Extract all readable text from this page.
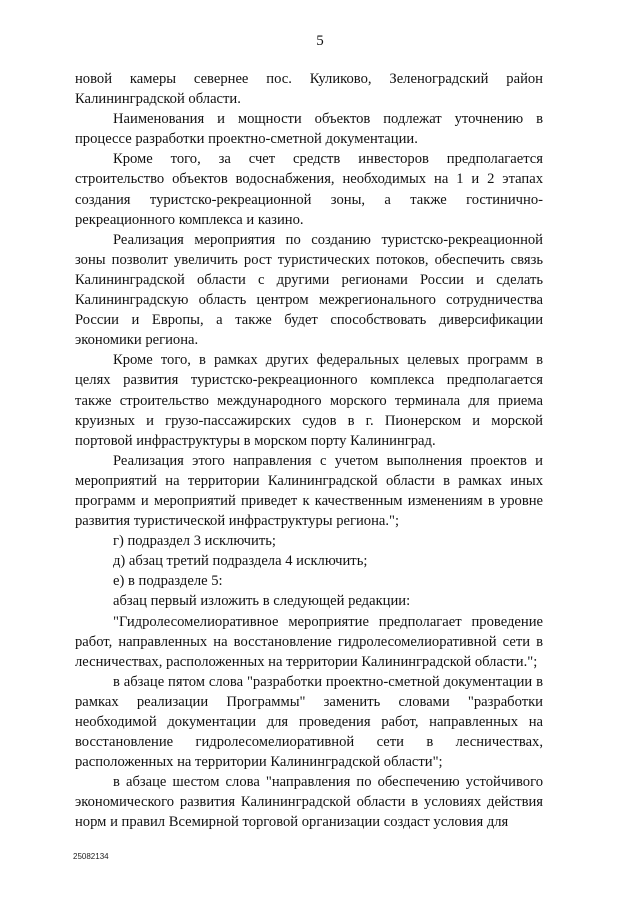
5

новой камеры севернее пос. Куликово, Зеленоградский район Калининградской области.

Наименования и мощности объектов подлежат уточнению в процессе разработки проектно-сметной документации.

Кроме того, за счет средств инвесторов предполагается строительство объектов водоснабжения, необходимых на 1 и 2 этапах создания туристско-рекреационной зоны, а также гостинично-рекреационного комплекса и казино.

Реализация мероприятия по созданию туристско-рекреационной зоны позволит увеличить рост туристических потоков, обеспечить связь Калининградской области с другими регионами России и сделать Калининградскую область центром межрегионального сотрудничества России и Европы, а также будет способствовать диверсификации экономики региона.

Кроме того, в рамках других федеральных целевых программ в целях развития туристско-рекреационного комплекса предполагается также строительство международного морского терминала для приема круизных и грузо-пассажирских судов в г. Пионерском и морской портовой инфраструктуры в морском порту Калининград.

Реализация этого направления с учетом выполнения проектов и мероприятий на территории Калининградской области в рамках иных программ и мероприятий приведет к качественным изменениям в уровне развития туристической инфраструктуры региона.";

г) подраздел 3 исключить;

д) абзац третий подраздела 4 исключить;

е) в подразделе 5:

абзац первый изложить в следующей редакции:

"Гидролесомелиоративное мероприятие предполагает проведение работ, направленных на восстановление гидролесомелиоративной сети в лесничествах, расположенных на территории Калининградской области.";

в абзаце пятом слова "разработки проектно-сметной документации в рамках реализации Программы" заменить словами "разработки необходимой документации для проведения работ, направленных на восстановление гидролесомелиоративной сети в лесничествах, расположенных на территории Калининградской области";

в абзаце шестом слова "направления по обеспечению устойчивого экономического развития Калининградской области в условиях действия норм и правил Всемирной торговой организации создаст условия для

25082134
